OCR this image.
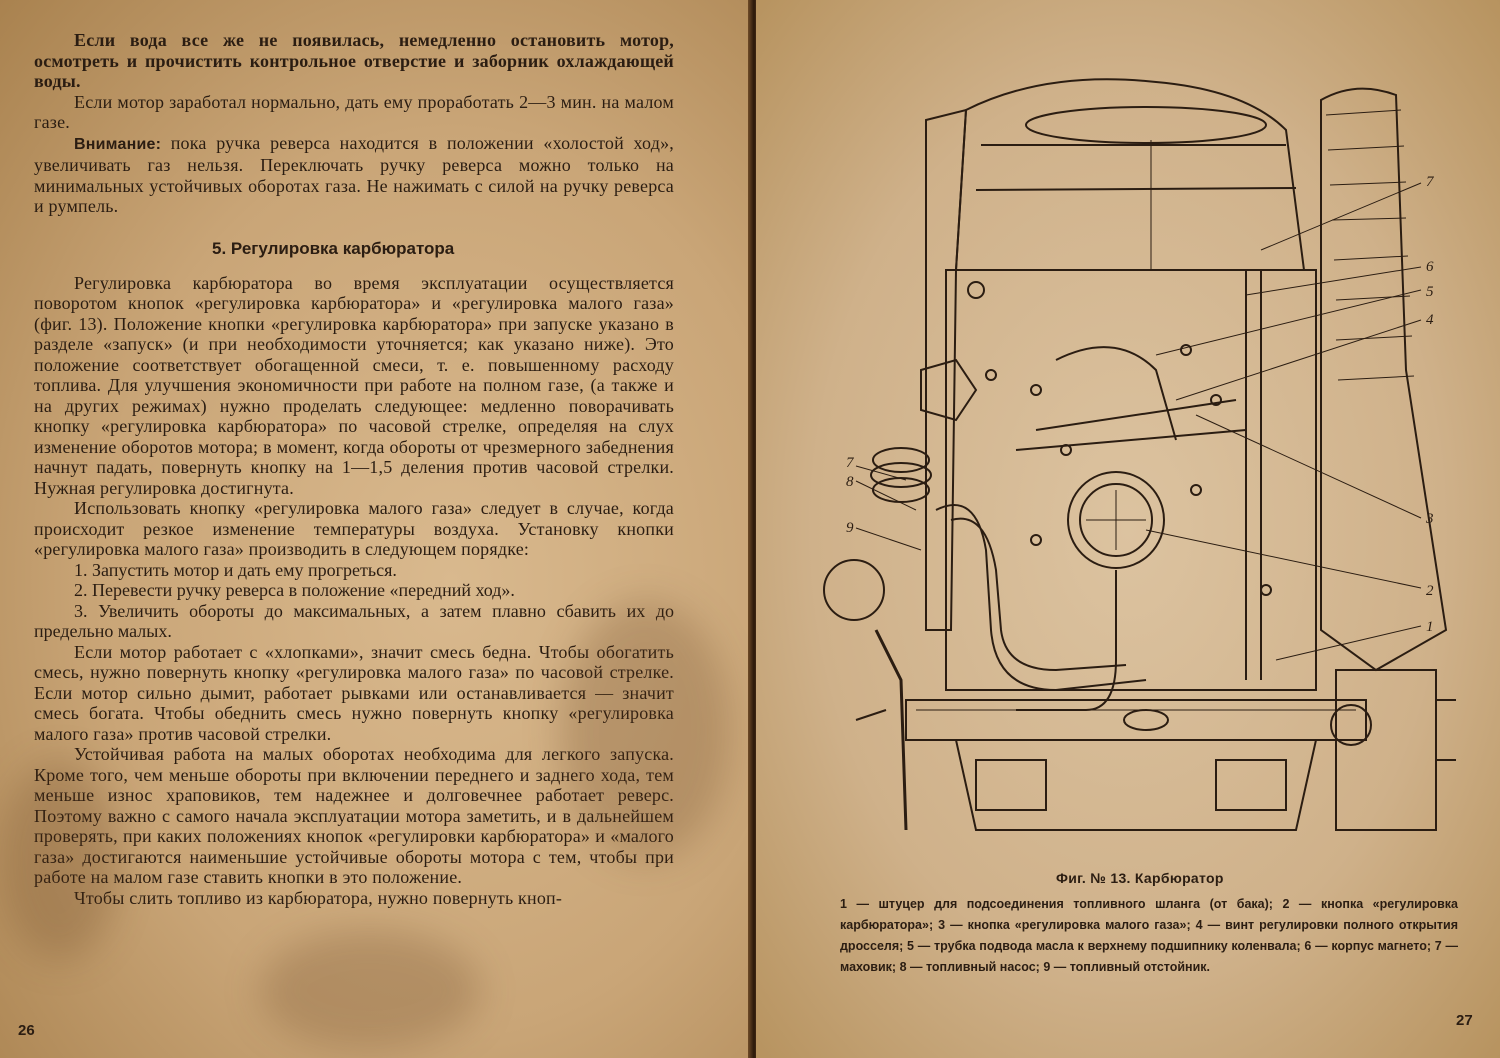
Если вода все же не появилась, немедленно остановить мотор, осмотреть и прочистить контрольное отверстие и заборник охлаждающей воды.

Если мотор заработал нормально, дать ему проработать 2—3 мин. на малом газе.

Внимание: пока ручка реверса находится в положении «холостой ход», увеличивать газ нельзя. Переключать ручку реверса можно только на минимальных устойчивых оборотах газа. Не нажимать с силой на ручку реверса и румпель.

5. Регулировка карбюратора

Регулировка карбюратора во время эксплуатации осуществляется поворотом кнопок «регулировка карбюратора» и «регулировка малого газа» (фиг. 13). Положение кнопки «регулировка карбюратора» при запуске указано в разделе «запуск» (и при необходимости уточняется; как указано ниже). Это положение соответствует обогащенной смеси, т. е. повышенному расходу топлива. Для улучшения экономичности при работе на полном газе, (а также и на других режимах) нужно проделать следующее: медленно поворачивать кнопку «регулировка карбюратора» по часовой стрелке, определяя на слух изменение оборотов мотора; в момент, когда обороты от чрезмерного забеднения начнут падать, повернуть кнопку на 1—1,5 деления против часовой стрелки. Нужная регулировка достигнута.

Использовать кнопку «регулировка малого газа» следует в случае, когда происходит резкое изменение температуры воздуха. Установку кнопки «регулировка малого газа» производить в следующем порядке:

1. Запустить мотор и дать ему прогреться.

2. Перевести ручку реверса в положение «передний ход».

3. Увеличить обороты до максимальных, а затем плавно сбавить их до предельно малых.

Если мотор работает с «хлопками», значит смесь бедна. Чтобы обогатить смесь, нужно повернуть кнопку «регулировка малого газа» по часовой стрелке. Если мотор сильно дымит, работает рывками или останавливается — значит смесь богата. Чтобы обеднить смесь нужно повернуть кнопку «регулировка малого газа» против часовой стрелки.

Устойчивая работа на малых оборотах необходима для легкого запуска. Кроме того, чем меньше обороты при включении переднего и заднего хода, тем меньше износ храповиков, тем надежнее и долговечнее работает реверс. Поэтому важно с самого начала эксплуатации мотора заметить, и в дальнейшем проверять, при каких положениях кнопок «регулировки карбюратора» и «малого газа» достигаются наименьшие устойчивые обороты мотора с тем, чтобы при работе на малом газе ставить кнопки в это положение.

Чтобы слить топливо из карбюратора, нужно повернуть кноп-

26
7
6
5
4
3
2
1
7
8
9
Фиг. № 13. Карбюратор
1 — штуцер для подсоединения топливного шланга (от бака); 2 — кнопка «регулировка карбюратора»; 3 — кнопка «регулировка малого газа»; 4 — винт регулировки полного открытия дросселя; 5 — трубка подвода масла к верхнему подшипнику коленвала; 6 — корпус магнето; 7 — маховик; 8 — топливный насос; 9 — топливный отстойник.
27
